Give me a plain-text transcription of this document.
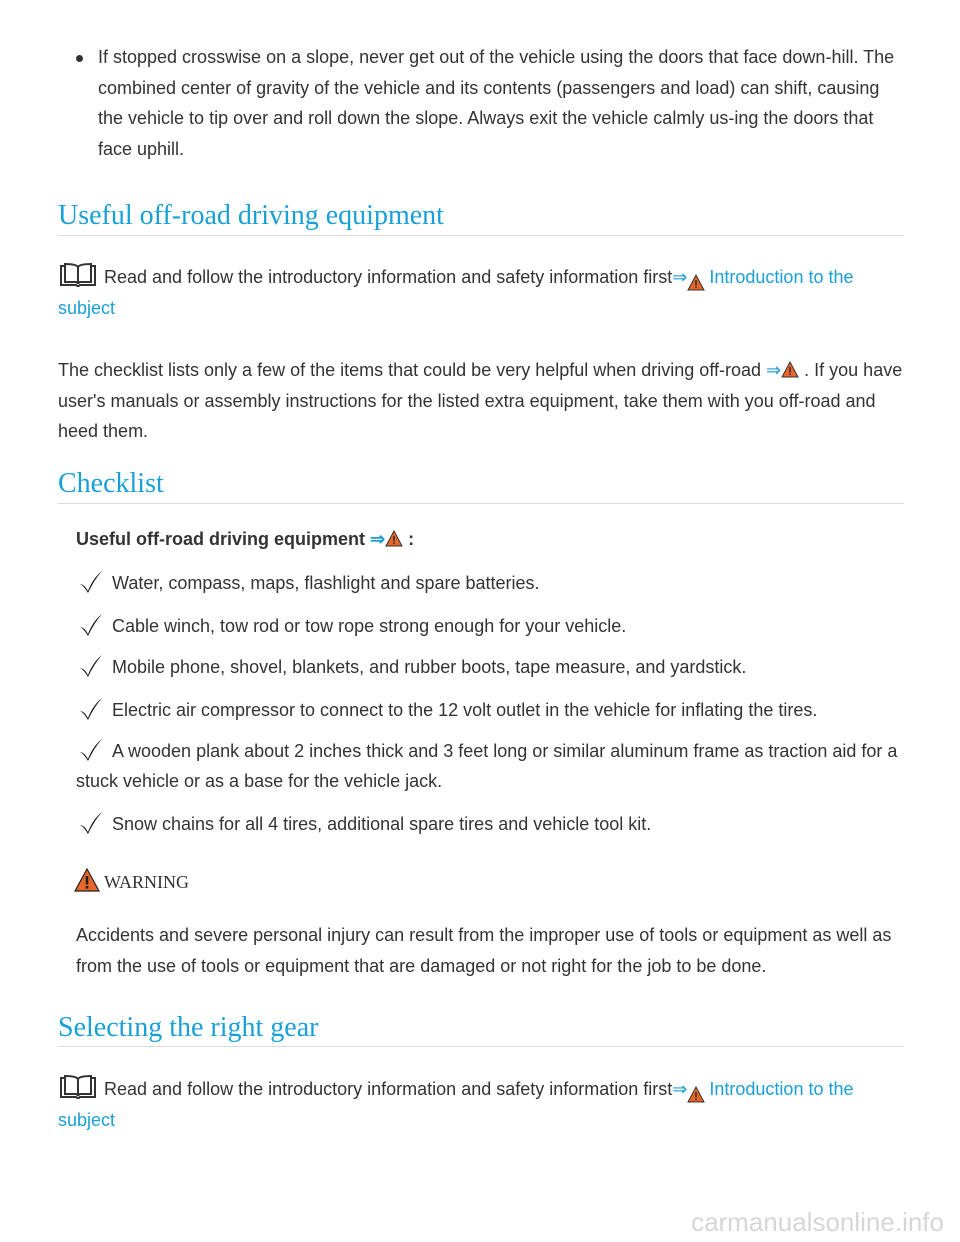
If stopped crosswise on a slope, never get out of the vehicle using the doors that face down-hill. The combined center of gravity of the vehicle and its contents (passengers and load) can shift, causing the vehicle to tip over and roll down the slope. Always exit the vehicle calmly us-ing the doors that face uphill.
Useful off-road driving equipment
Read and follow the introductory information and safety information first⇒ Introduction to the subject
The checklist lists only a few of the items that could be very helpful when driving off-road ⇒ . If you have user's manuals or assembly instructions for the listed extra equipment, take them with you off-road and heed them.
Checklist
Useful off-road driving equipment ⇒ :
Water, compass, maps, flashlight and spare batteries.
Cable winch, tow rod or tow rope strong enough for your vehicle.
Mobile phone, shovel, blankets, and rubber boots, tape measure, and yardstick.
Electric air compressor to connect to the 12 volt outlet in the vehicle for inflating the tires.
A wooden plank about 2 inches thick and 3 feet long or similar aluminum frame as traction aid for a stuck vehicle or as a base for the vehicle jack.
Snow chains for all 4 tires, additional spare tires and vehicle tool kit.
WARNING
Accidents and severe personal injury can result from the improper use of tools or equipment as well as from the use of tools or equipment that are damaged or not right for the job to be done.
Selecting the right gear
Read and follow the introductory information and safety information first⇒ Introduction to the subject
carmanualsonline.info
